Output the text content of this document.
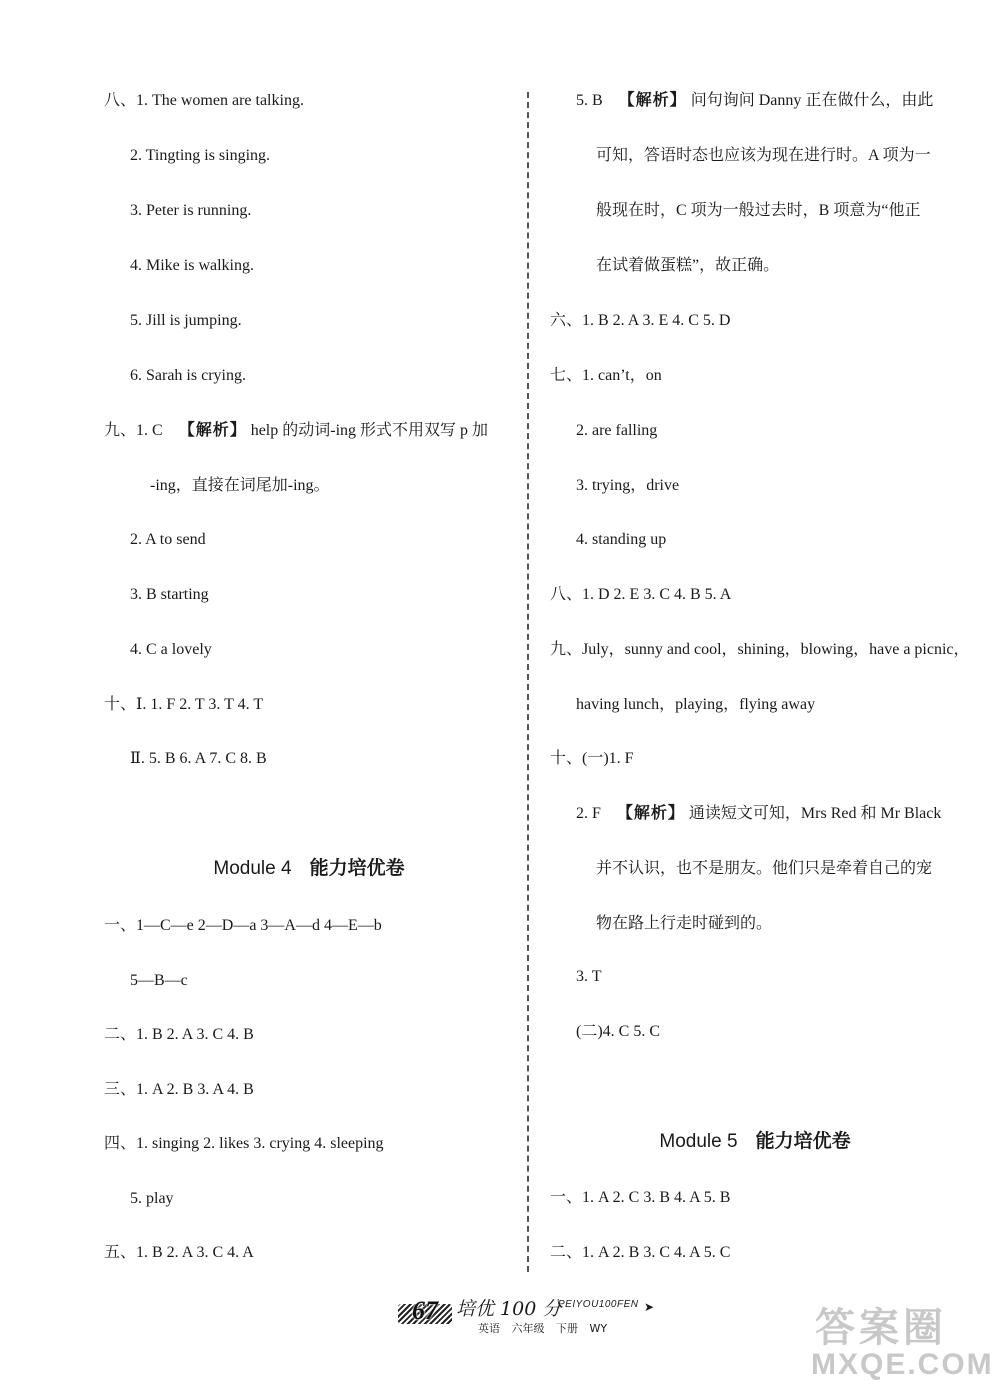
八、1. The women are talking.
2. Tingting is singing.
3. Peter is running.
4. Mike is walking.
5. Jill is jumping.
6. Sarah is crying.
九、1. C 【解析】 help 的动词-ing 形式不用双写 p 加
-ing，直接在词尾加-ing。
2. A to send
3. B starting
4. C a lovely
十、Ⅰ. 1. F 2. T 3. T 4. T
Ⅱ. 5. B 6. A 7. C 8. B
Module 4 能力培优卷
一、1—C—e 2—D—a 3—A—d 4—E—b
5—B—c
二、1. B 2. A 3. C 4. B
三、1. A 2. B 3. A 4. B
四、1. singing 2. likes 3. crying 4. sleeping
5. play
五、1. B 2. A 3. C 4. A
5. B 【解析】 问句询问 Danny 正在做什么，由此
可知，答语时态也应该为现在进行时。A 项为一
般现在时，C 项为一般过去时，B 项意为“他正
在试着做蛋糕”，故正确。
六、1. B 2. A 3. E 4. C 5. D
七、1. can’t，on
2. are falling
3. trying，drive
4. standing up
八、1. D 2. E 3. C 4. B 5. A
九、July，sunny and cool，shining，blowing，have a picnic，
having lunch，playing，flying away
十、(一)1. F
2. F 【解析】 通读短文可知，Mrs Red 和 Mr Black
并不认识，也不是朋友。他们只是牵着自己的宠
物在路上行走时碰到的。
3. T
(二)4. C 5. C
Module 5 能力培优卷
一、1. A 2. C 3. B 4. A 5. B
二、1. A 2. B 3. C 4. A 5. C
67 培优 100 分
PEIYOU100FEN
英语 六年级 下册 WY
➤	答案圈
MXQE.COM
